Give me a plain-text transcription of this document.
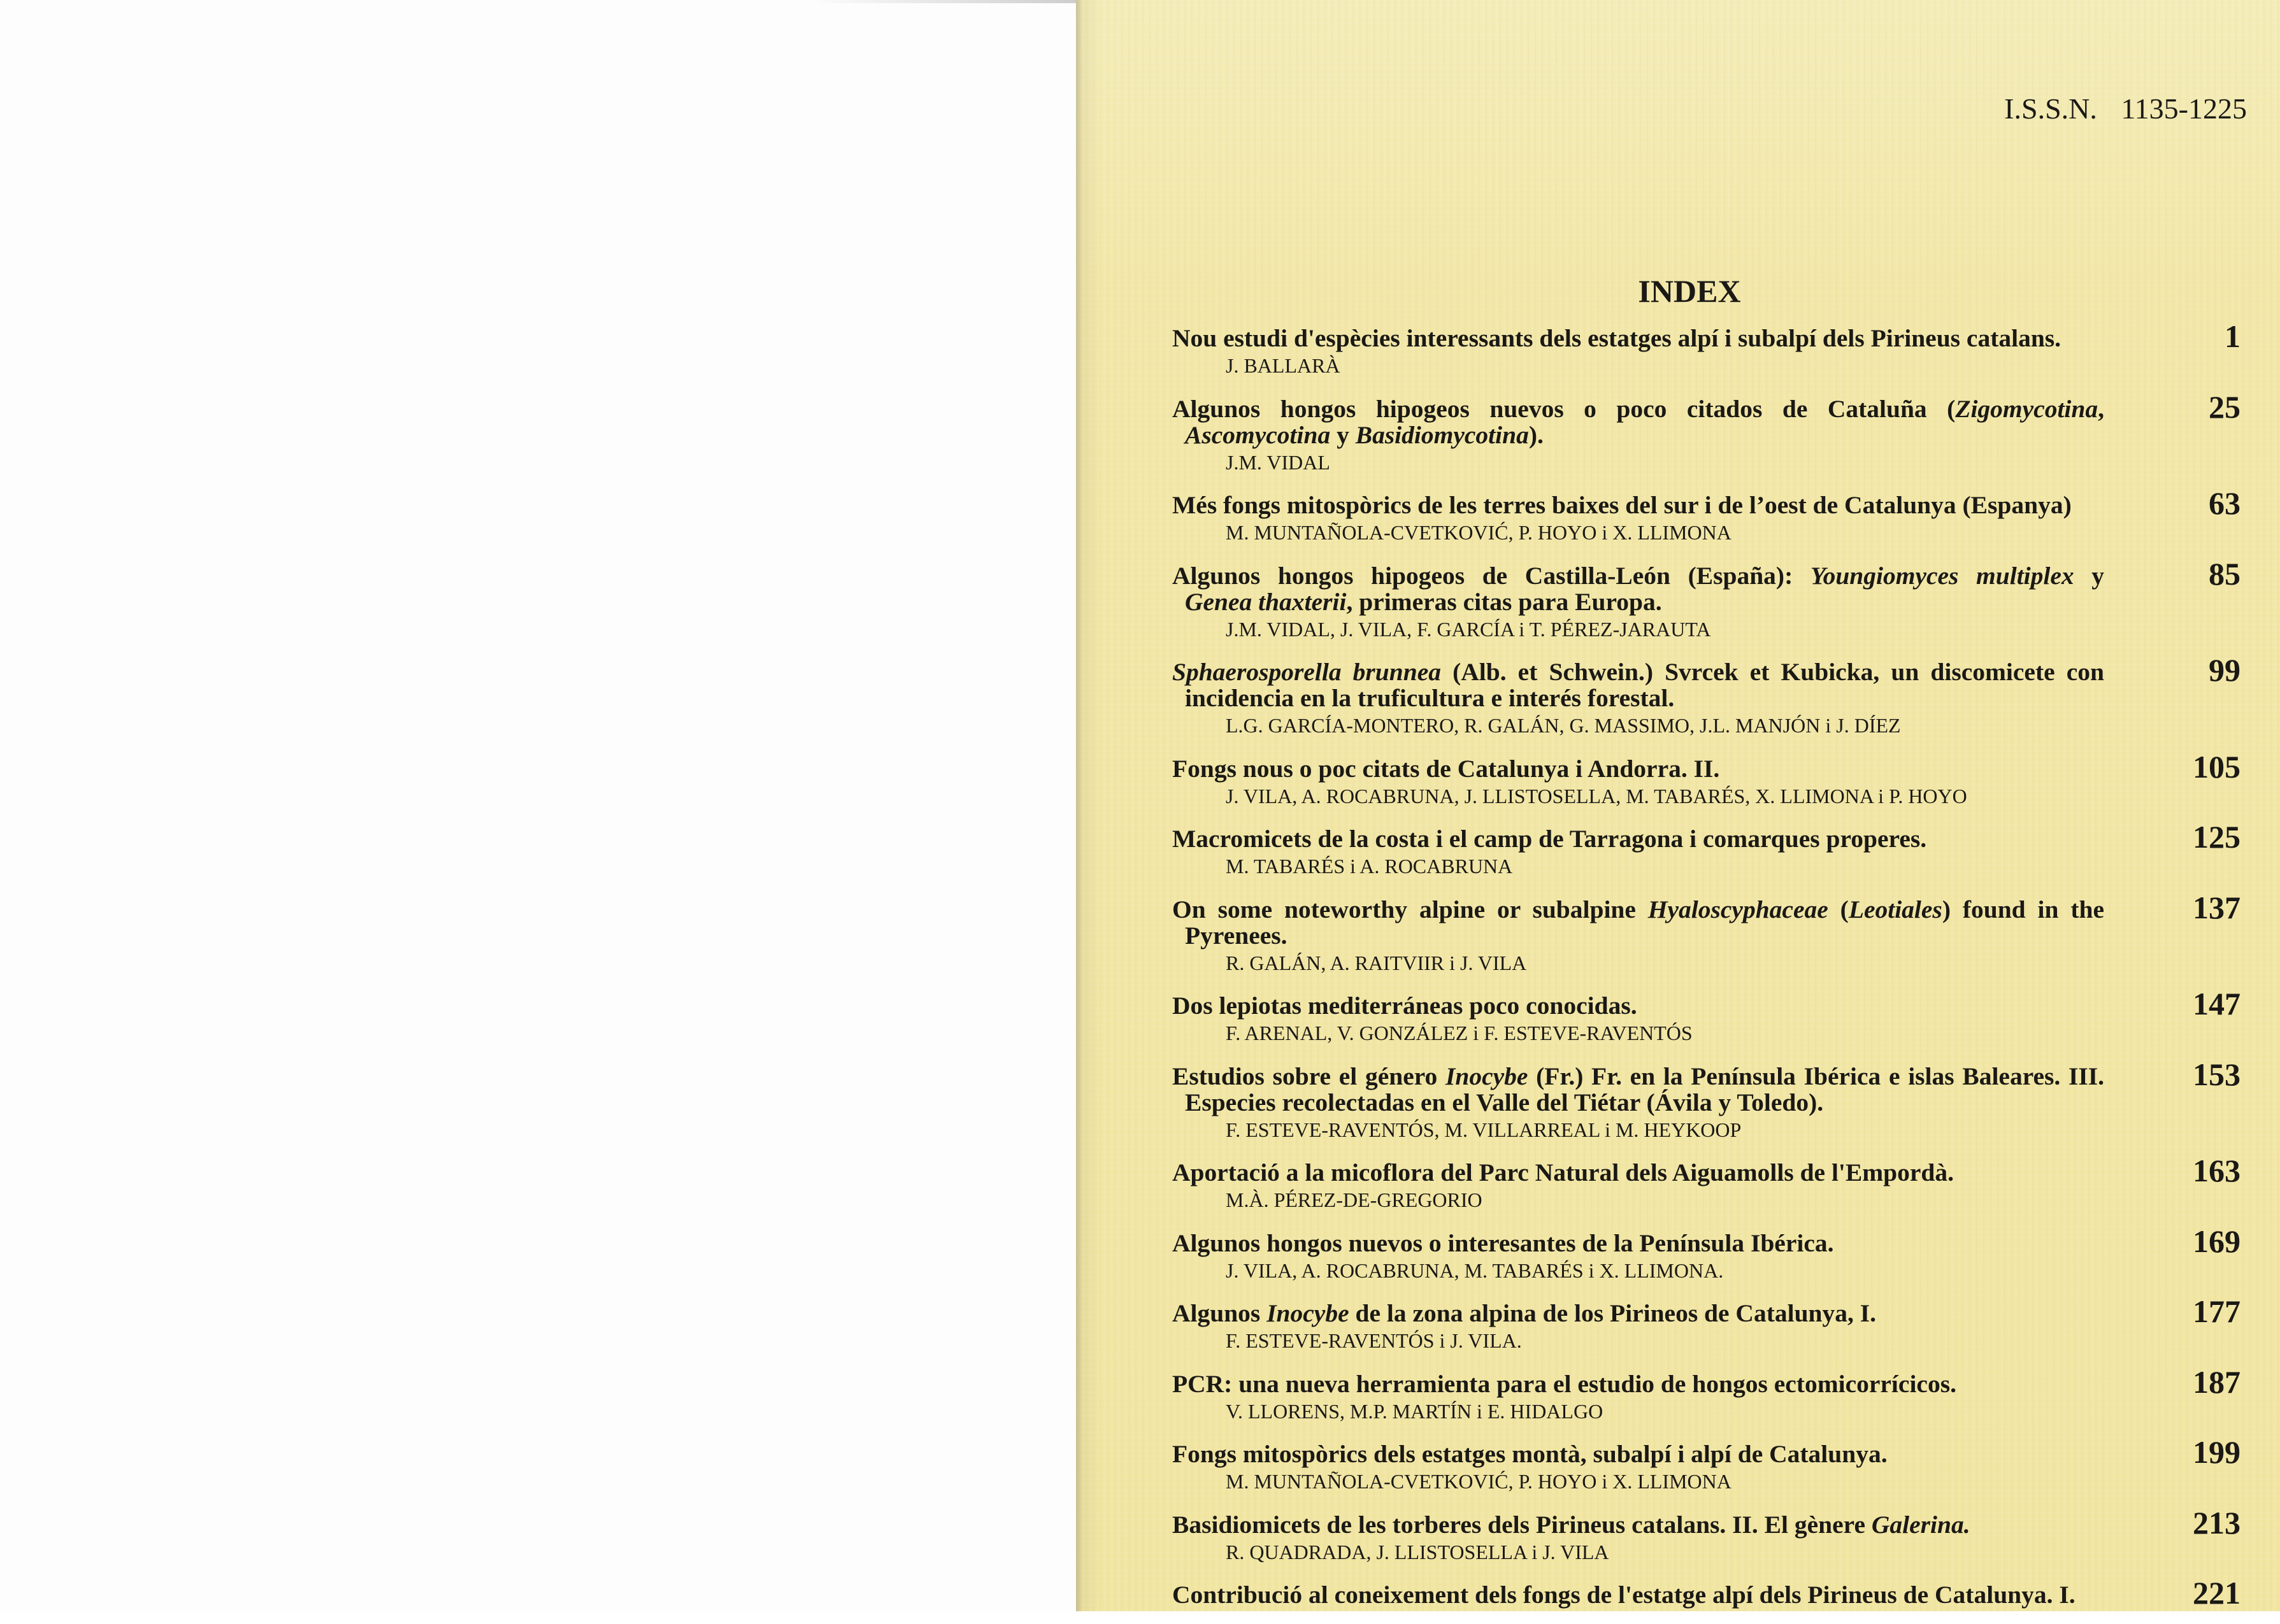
I.S.S.N. 1135-1225
INDEX
Nou estudi d'espècies interessants dels estatges alpí i subalpí dels Pirineus catalans.
J. BALLARÀ
1
Algunos hongos hipogeos nuevos o poco citados de Cataluña (Zigomycotina,
Ascomycotina y Basidiomycotina).
J.M. VIDAL
25
Més fongs mitospòrics de les terres baixes del sur i de l’oest de Catalunya (Espanya)
M. MUNTAÑOLA-CVETKOVIĆ, P. HOYO i X. LLIMONA
63
Algunos hongos hipogeos de Castilla-León (España): Youngiomyces multiplex y
Genea thaxterii, primeras citas para Europa.
J.M. VIDAL, J. VILA, F. GARCÍA i T. PÉREZ-JARAUTA
85
Sphaerosporella brunnea (Alb. et Schwein.) Svrcek et Kubicka, un discomicete con
incidencia en la truficultura e interés forestal.
L.G. GARCÍA-MONTERO, R. GALÁN, G. MASSIMO, J.L. MANJÓN i J. DÍEZ
99
Fongs nous o poc citats de Catalunya i Andorra. II.
J. VILA, A. ROCABRUNA, J. LLISTOSELLA, M. TABARÉS, X. LLIMONA i P. HOYO
105
Macromicets de la costa i el camp de Tarragona i comarques properes.
M. TABARÉS i A. ROCABRUNA
125
On some noteworthy alpine or subalpine Hyaloscyphaceae (Leotiales) found in the
Pyrenees.
R. GALÁN, A. RAITVIIR i J. VILA
137
Dos lepiotas mediterráneas poco conocidas.
F. ARENAL, V. GONZÁLEZ i F. ESTEVE-RAVENTÓS
147
Estudios sobre el género Inocybe (Fr.) Fr. en la Península Ibérica e islas Baleares. III.
Especies recolectadas en el Valle del Tiétar (Ávila y Toledo).
F. ESTEVE-RAVENTÓS, M. VILLARREAL i M. HEYKOOP
153
Aportació a la micoflora del Parc Natural dels Aiguamolls de l'Empordà.
M.À. PÉREZ-DE-GREGORIO
163
Algunos hongos nuevos o interesantes de la Península Ibérica.
J. VILA, A. ROCABRUNA, M. TABARÉS i X. LLIMONA.
169
Algunos Inocybe de la zona alpina de los Pirineos de Catalunya, I.
F. ESTEVE-RAVENTÓS i J. VILA.
177
PCR: una nueva herramienta para el estudio de hongos ectomicorrícicos.
V. LLORENS, M.P. MARTÍN i E. HIDALGO
187
Fongs mitospòrics dels estatges montà, subalpí i alpí de Catalunya.
M. MUNTAÑOLA-CVETKOVIĆ, P. HOYO i X. LLIMONA
199
Basidiomicets de les torberes dels Pirineus catalans. II. El gènere Galerina.
R. QUADRADA, J. LLISTOSELLA i J. VILA
213
Contribució al coneixement dels fongs de l'estatge alpí dels Pirineus de Catalunya. I.	221
